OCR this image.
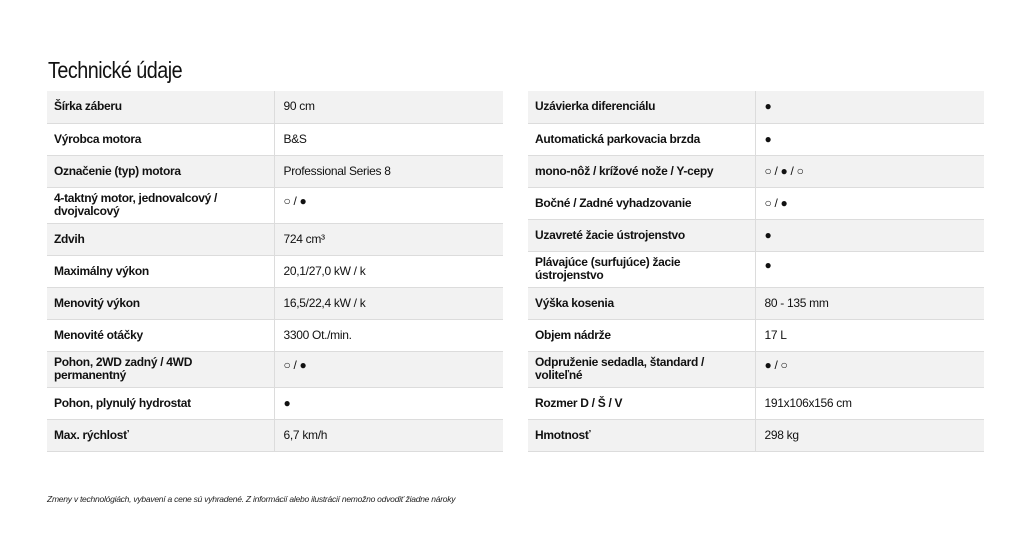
Technické údaje
Šírka záberu	90 cm
Výrobca motora	B&S
Označenie (typ) motora	Professional Series 8
4-taktný motor, jednovalcový / dvojvalcový	○ / ●
Zdvih	724 cm³
Maximálny výkon	20,1/27,0 kW / k
Menovitý výkon	16,5/22,4 kW / k
Menovité otáčky	3300 Ot./min.
Pohon, 2WD zadný / 4WD permanentný	○ / ●
Pohon, plynulý hydrostat	●
Max. rýchlosť	6,7 km/h
Uzávierka diferenciálu	●
Automatická parkovacia brzda	●
mono-nôž / krížové nože / Y-cepy	○ / ● / ○
Bočné / Zadné vyhadzovanie	○ / ●
Uzavreté žacie ústrojenstvo	●
Plávajúce (surfujúce) žacie ústrojenstvo	●
Výška kosenia	80 - 135 mm
Objem nádrže	17 L
Odpruženie sedadla, štandard / voliteľné	● / ○
Rozmer D / Š / V	191x106x156 cm
Hmotnosť	298 kg
Zmeny v technológiách, vybavení a cene sú vyhradené. Z informácií alebo ilustrácií nemožno odvodiť žiadne nároky
